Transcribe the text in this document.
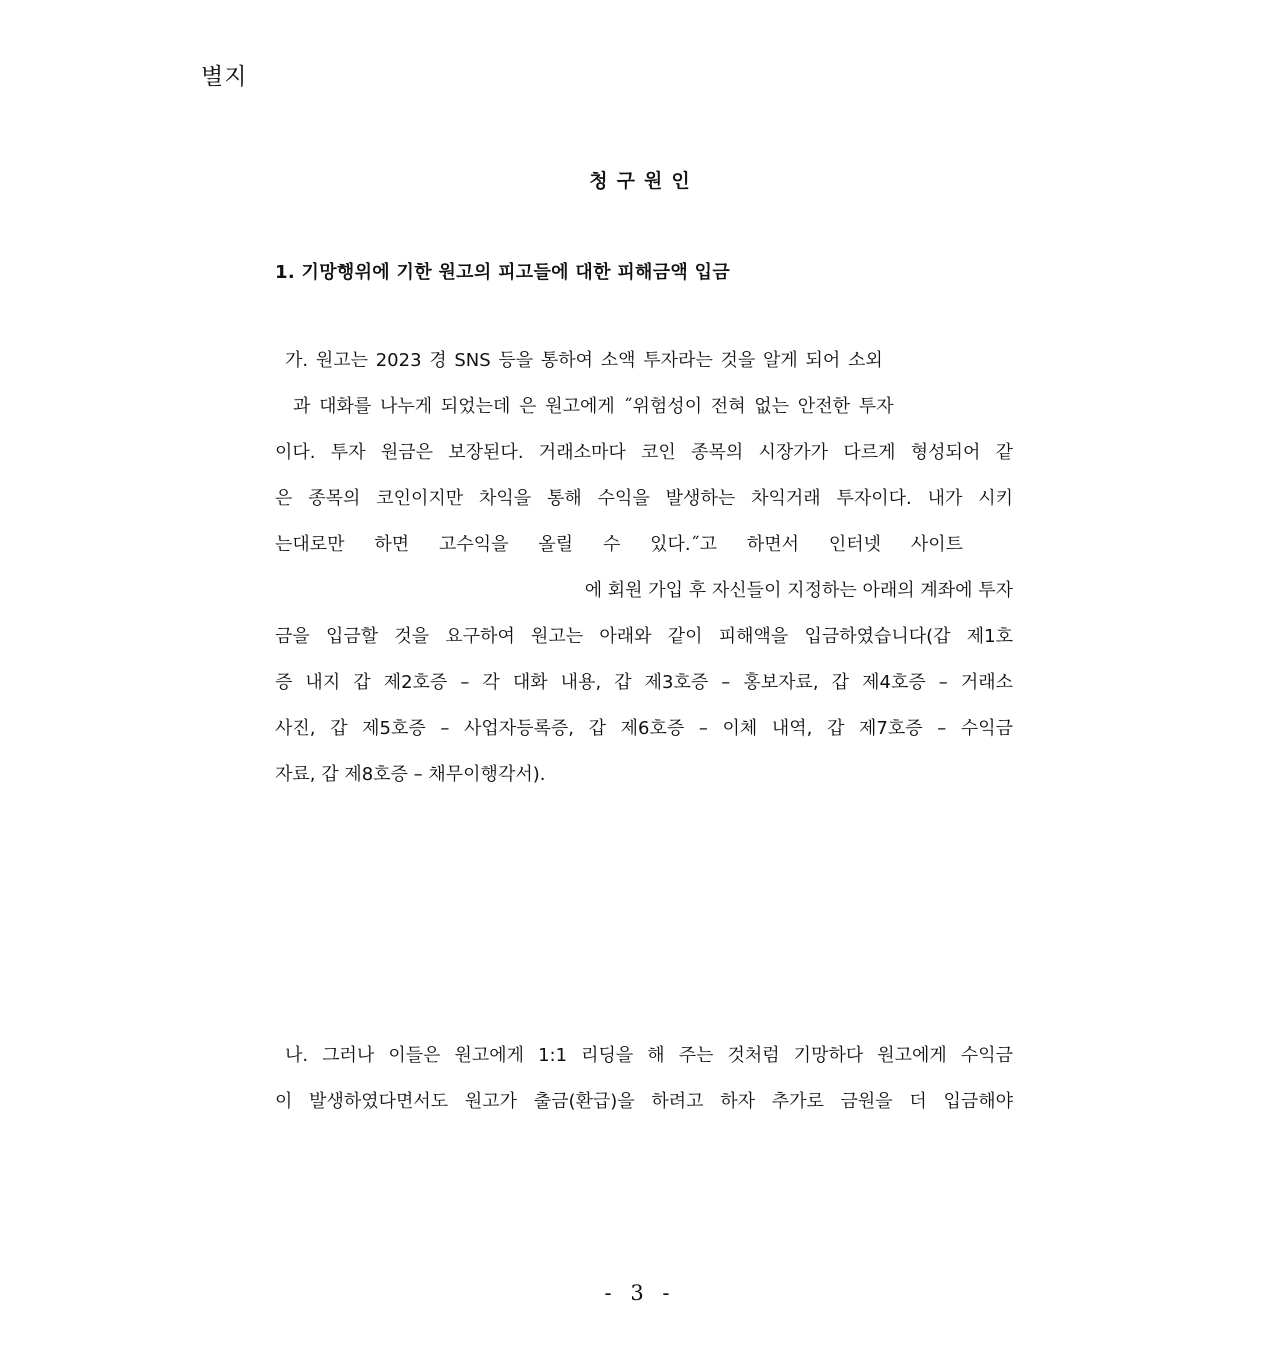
별지
청구원인
1. 기망행위에 기한 원고의 피고들에 대한 피해금액 입금
가. 원고는 2023 경 SNS 등을 통하여 소액 투자라는 것을 알게 되어 소외
과 대화를 나누게 되었는데 은 원고에게 ˝위험성이 전혀 없는 안전한 투자
이다. 투자 원금은 보장된다. 거래소마다 코인 종목의 시장가가 다르게 형성되어 같
은 종목의 코인이지만 차익을 통해 수익을 발생하는 차익거래 투자이다. 내가 시키
는대로만 하면 고수익을 올릴 수 있다.˝고 하면서 인터넷 사이트
에 회원 가입 후 자신들이 지정하는 아래의 계좌에 투자
금을 입금할 것을 요구하여 원고는 아래와 같이 피해액을 입금하였습니다(갑 제1호
증 내지 갑 제2호증 – 각 대화 내용, 갑 제3호증 – 홍보자료, 갑 제4호증 – 거래소
사진, 갑 제5호증 – 사업자등록증, 갑 제6호증 – 이체 내역, 갑 제7호증 – 수익금
자료, 갑 제8호증 – 채무이행각서).
나. 그러나 이들은 원고에게 1:1 리딩을 해 주는 것처럼 기망하다 원고에게 수익금
이 발생하였다면서도 원고가 출금(환급)을 하려고 하자 추가로 금원을 더 입금해야
- 3 -
